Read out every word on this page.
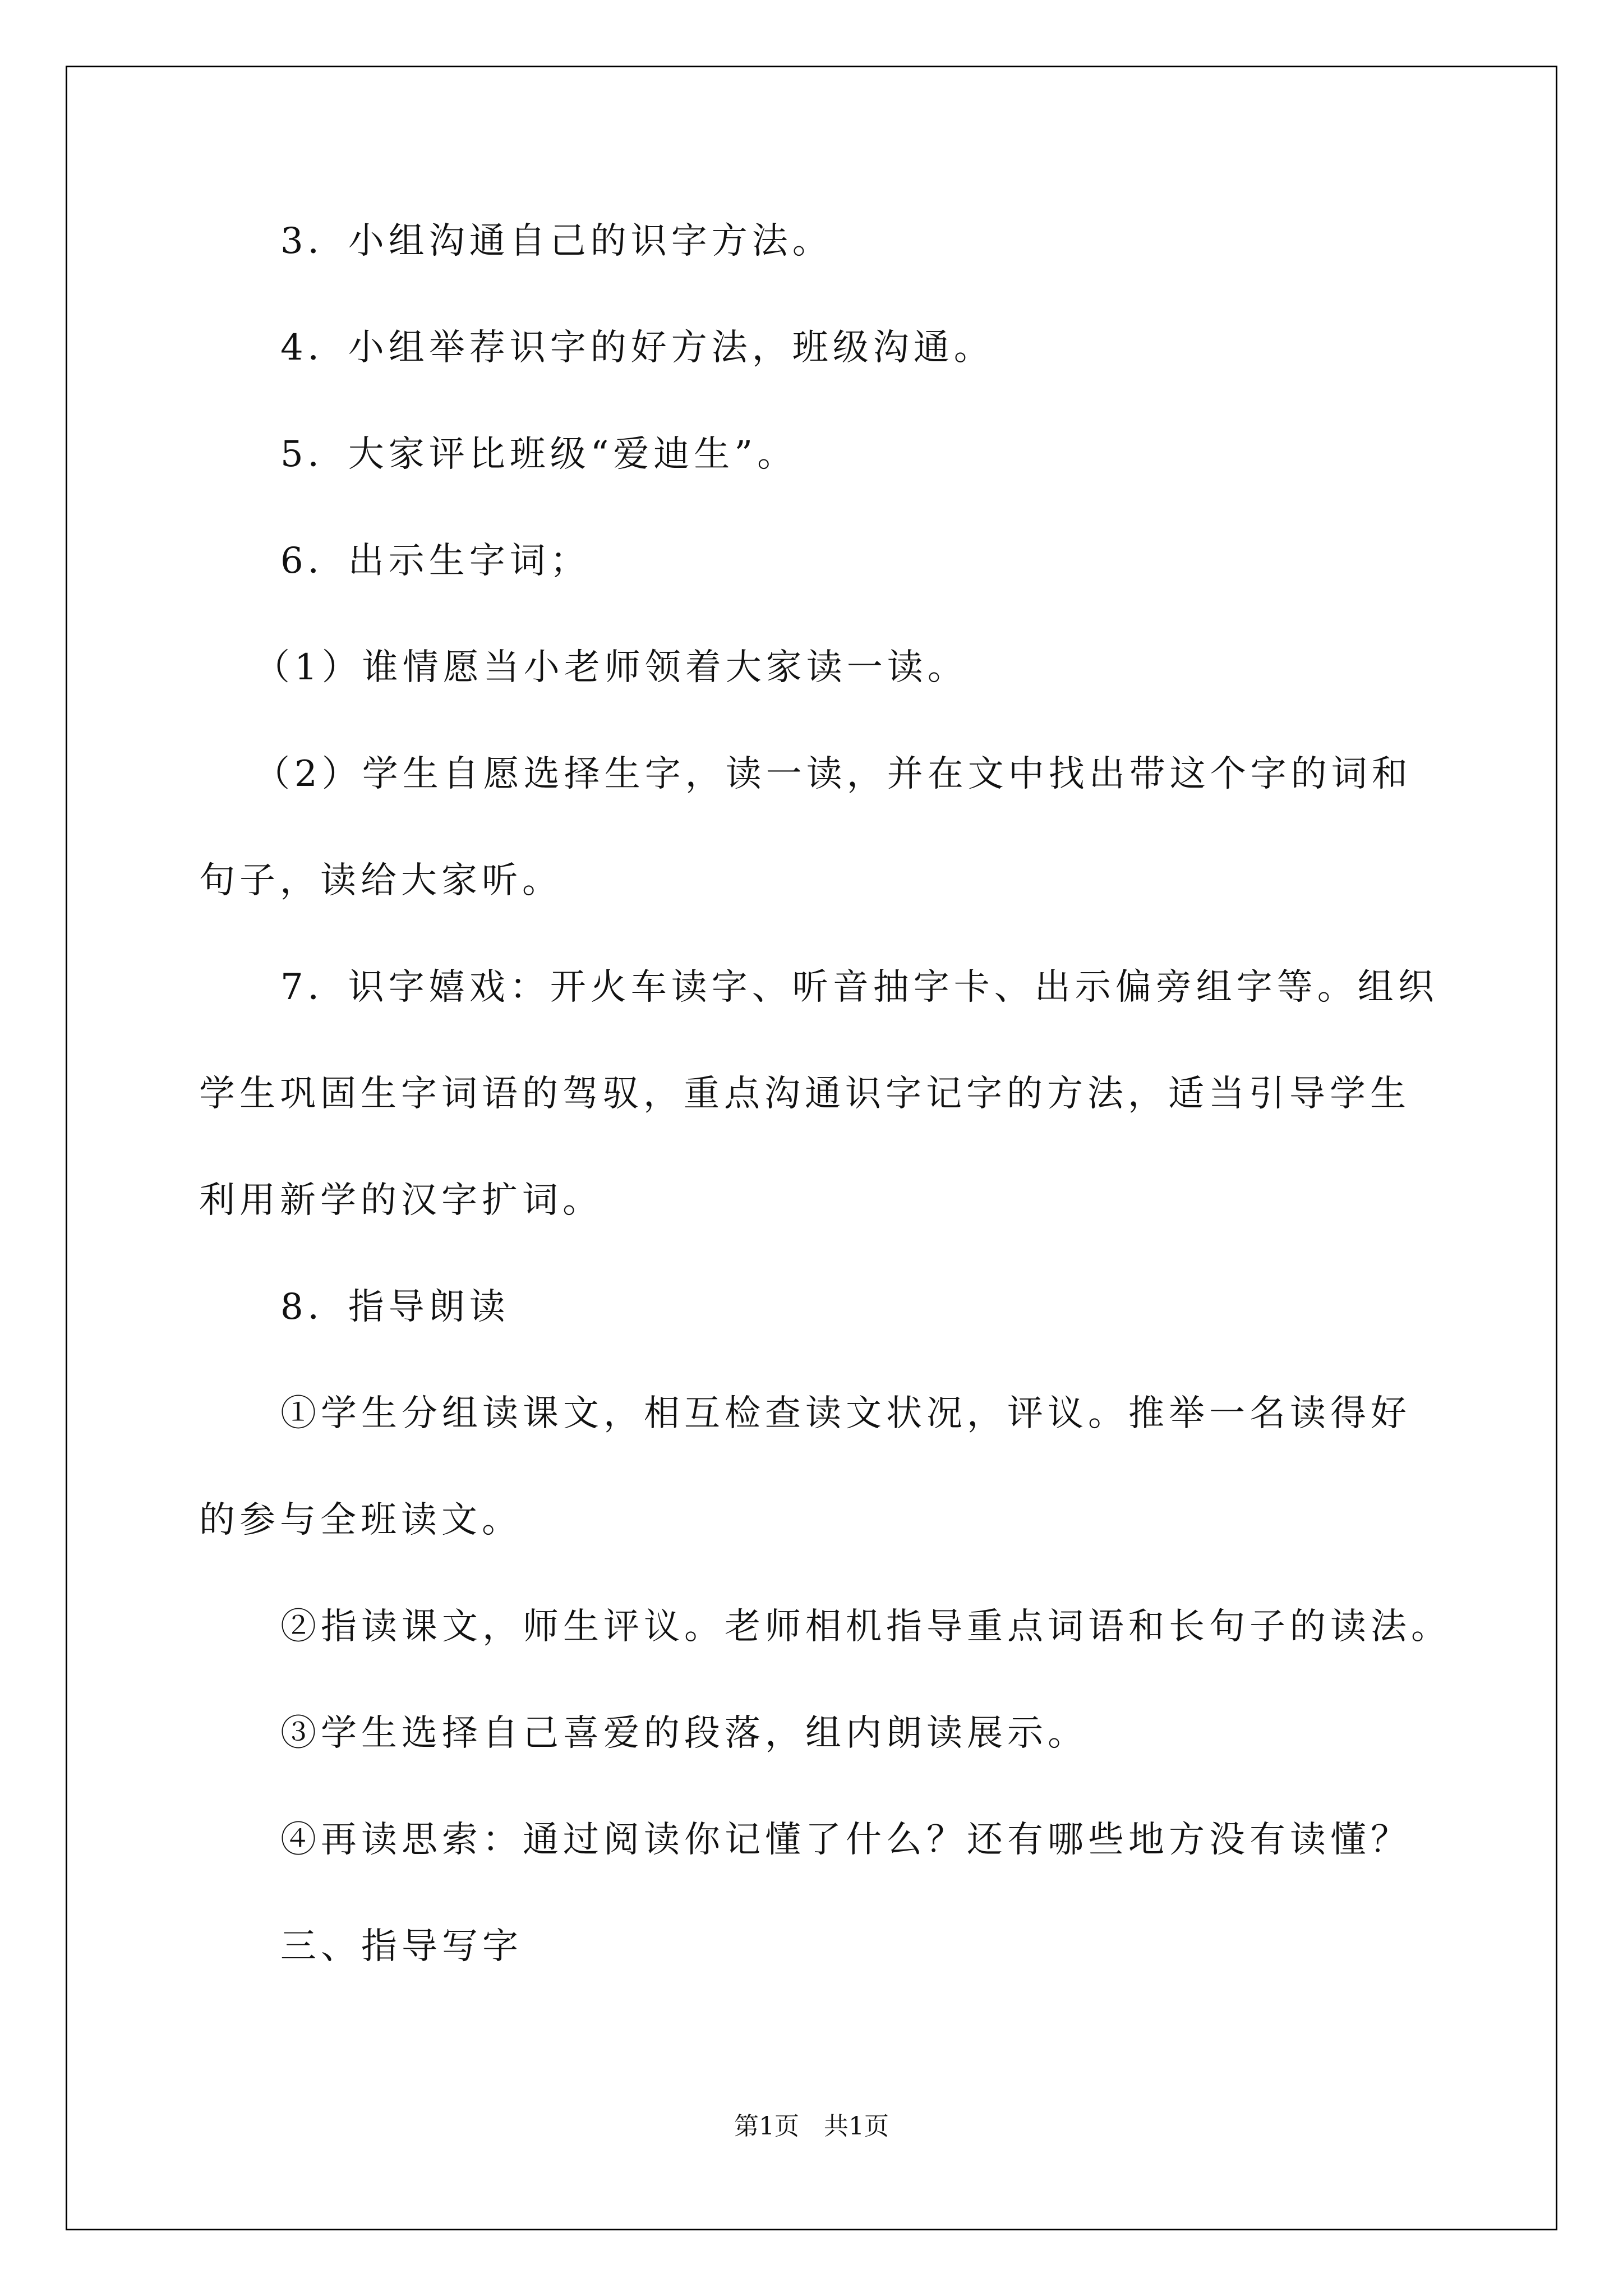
3．小组沟通自己的识字方法。
4．小组举荐识字的好方法，班级沟通。
5．大家评比班级“爱迪生”。
6．出示生字词；
（1）谁情愿当小老师领着大家读一读。
（2）学生自愿选择生字，读一读，并在文中找出带这个字的词和
句子，读给大家听。
7．识字嬉戏：开火车读字、听音抽字卡、出示偏旁组字等。组织
学生巩固生字词语的驾驭，重点沟通识字记字的方法，适当引导学生
利用新学的汉字扩词。
8．指导朗读
①学生分组读课文，相互检查读文状况，评议。推举一名读得好
的参与全班读文。
②指读课文，师生评议。老师相机指导重点词语和长句子的读法。
③学生选择自己喜爱的段落，组内朗读展示。
④再读思索：通过阅读你记懂了什么？还有哪些地方没有读懂？
三、指导写字
第1页　共1页
